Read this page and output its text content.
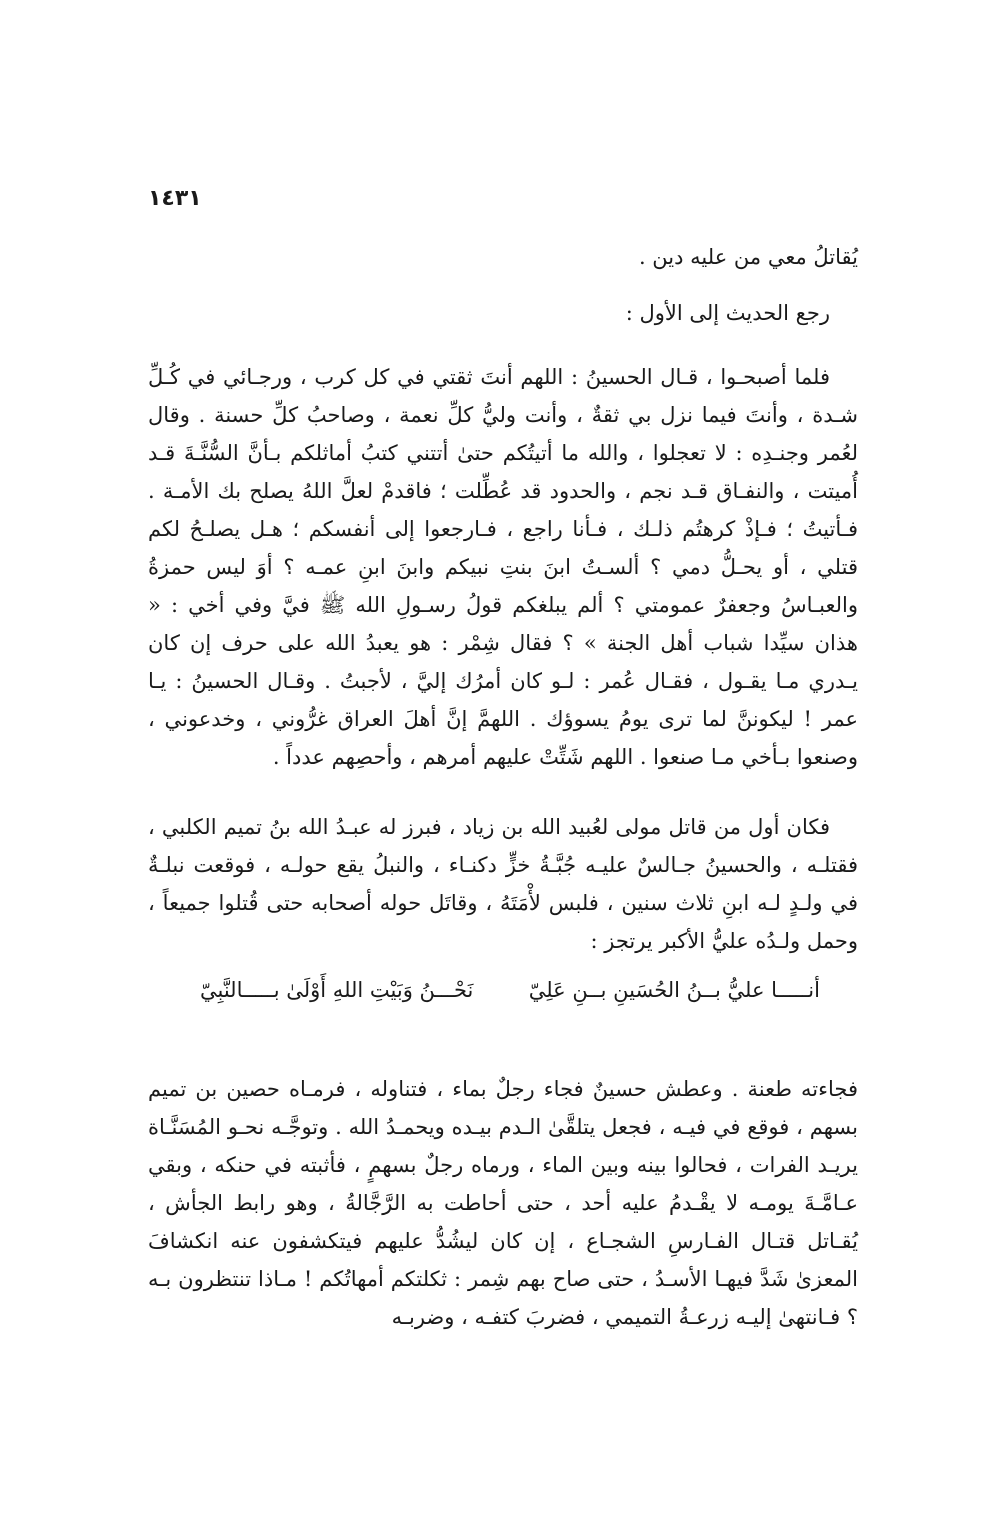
١٤٣١

يُقاتلُ معي من عليه دين .

رجع الحديث إلى الأول :

فلما أصبحـوا ، قـال الحسينُ : اللهم أنتَ ثقتي في كل كرب ، ورجـائي في كُـلِّ شـدة ، وأنتَ فيما نزل بي ثقةٌ ، وأنت وليُّ كلِّ نعمة ، وصاحبُ كلِّ حسنة . وقال لعُمر وجنـدِه : لا تعجلوا ، والله ما أتيتُكم حتىٰ أتتني كتبُ أماثلكم بـأنَّ السُّنَّـةَ قـد أُميتت ، والنفـاق قـد نجم ، والحدود قد عُطِّلت ؛ فاقدمْ لعلَّ اللهُ يصلح بك الأمـة . فـأتيتُ ؛ فـإذْ كرهتُم ذلـك ، فـأنا راجع ، فـارجعوا إلى أنفسكم ؛ هـل يصلـحُ لكم قتلي ، أو يحـلُّ دمي ؟ ألسـتُ ابنَ بنتِ نبيكم وابنَ ابنِ عمـه ؟ أوَ ليس حمزةُ والعبـاسُ وجعفرٌ عمومتي ؟ ألم يبلغكم قولُ رسـولِ الله ﷺ فيَّ وفي أخي : « هذان سيِّدا شباب أهل الجنة » ؟ فقال شِمْر : هو يعبدُ الله على حرف إن كان يـدري مـا يقـول ، فقـال عُمر : لـو كان أمرُك إليَّ ، لأجبتُ . وقـال الحسينُ : يـا عمر ! ليكوننَّ لما ترى يومُ يسوؤك . اللهمَّ إنَّ أهلَ العراق غرُّوني ، وخدعوني ، وصنعوا بـأخي مـا صنعوا . اللهم شَتِّتْ عليهم أمرهم ، وأحصِهم عدداً .

فكان أول من قاتل مولى لعُبيد الله بن زياد ، فبرز له عبـدُ الله بنُ تميم الكلبي ، فقتلـه ، والحسينُ جـالسٌ عليـه جُبَّـةُ خزٍّ دكنـاء ، والنبلُ يقع حولـه ، فوقعت نبلـةٌ في ولـدٍ لـه ابنِ ثلاث سنين ، فلبس لأْمَتَهُ ، وقاتَل حوله أصحابه حتى قُتلوا جميعاً ، وحمل ولـدُه عليُّ الأكبر يرتجز :

أنـــــا عليُّ بــنُ الحُسَينِ بــنِ عَلِيّ
نَحْـــنُ وَبَيْتِ اللهِ أَوْلَىٰ بـــــالنَّبِيّ

فجاءته طعنة . وعطش حسينٌ فجاء رجلٌ بماء ، فتناوله ، فرمـاه حصين بن تميم بسهم ، فوقع في فيـه ، فجعل يتلقَّىٰ الـدم بيـده ويحمـدُ الله . وتوجَّـه نحـو المُسَنَّـاة يريـد الفرات ، فحالوا بينه وبين الماء ، ورماه رجلٌ بسهمٍ ، فأثبته في حنكه ، وبقي عـامَّـةَ يومـه لا يقْـدمُ عليه أحد ، حتى أحاطت به الرَّجَّالةُ ، وهو رابط الجأش ، يُقـاتل قتـال الفـارسِ الشجـاع ، إن كان ليشُدُّ عليهم فيتكشفون عنه انكشافَ المعزىٰ شَدَّ فيهـا الأسـدُ ، حتى صاح بهم شِمر : ثكلتكم أمهاتُكم ! مـاذا تنتظرون بـه ؟ فـانتهىٰ إليـه زرعـةُ التميمي ، فضربَ كتفـه ، وضربـه
